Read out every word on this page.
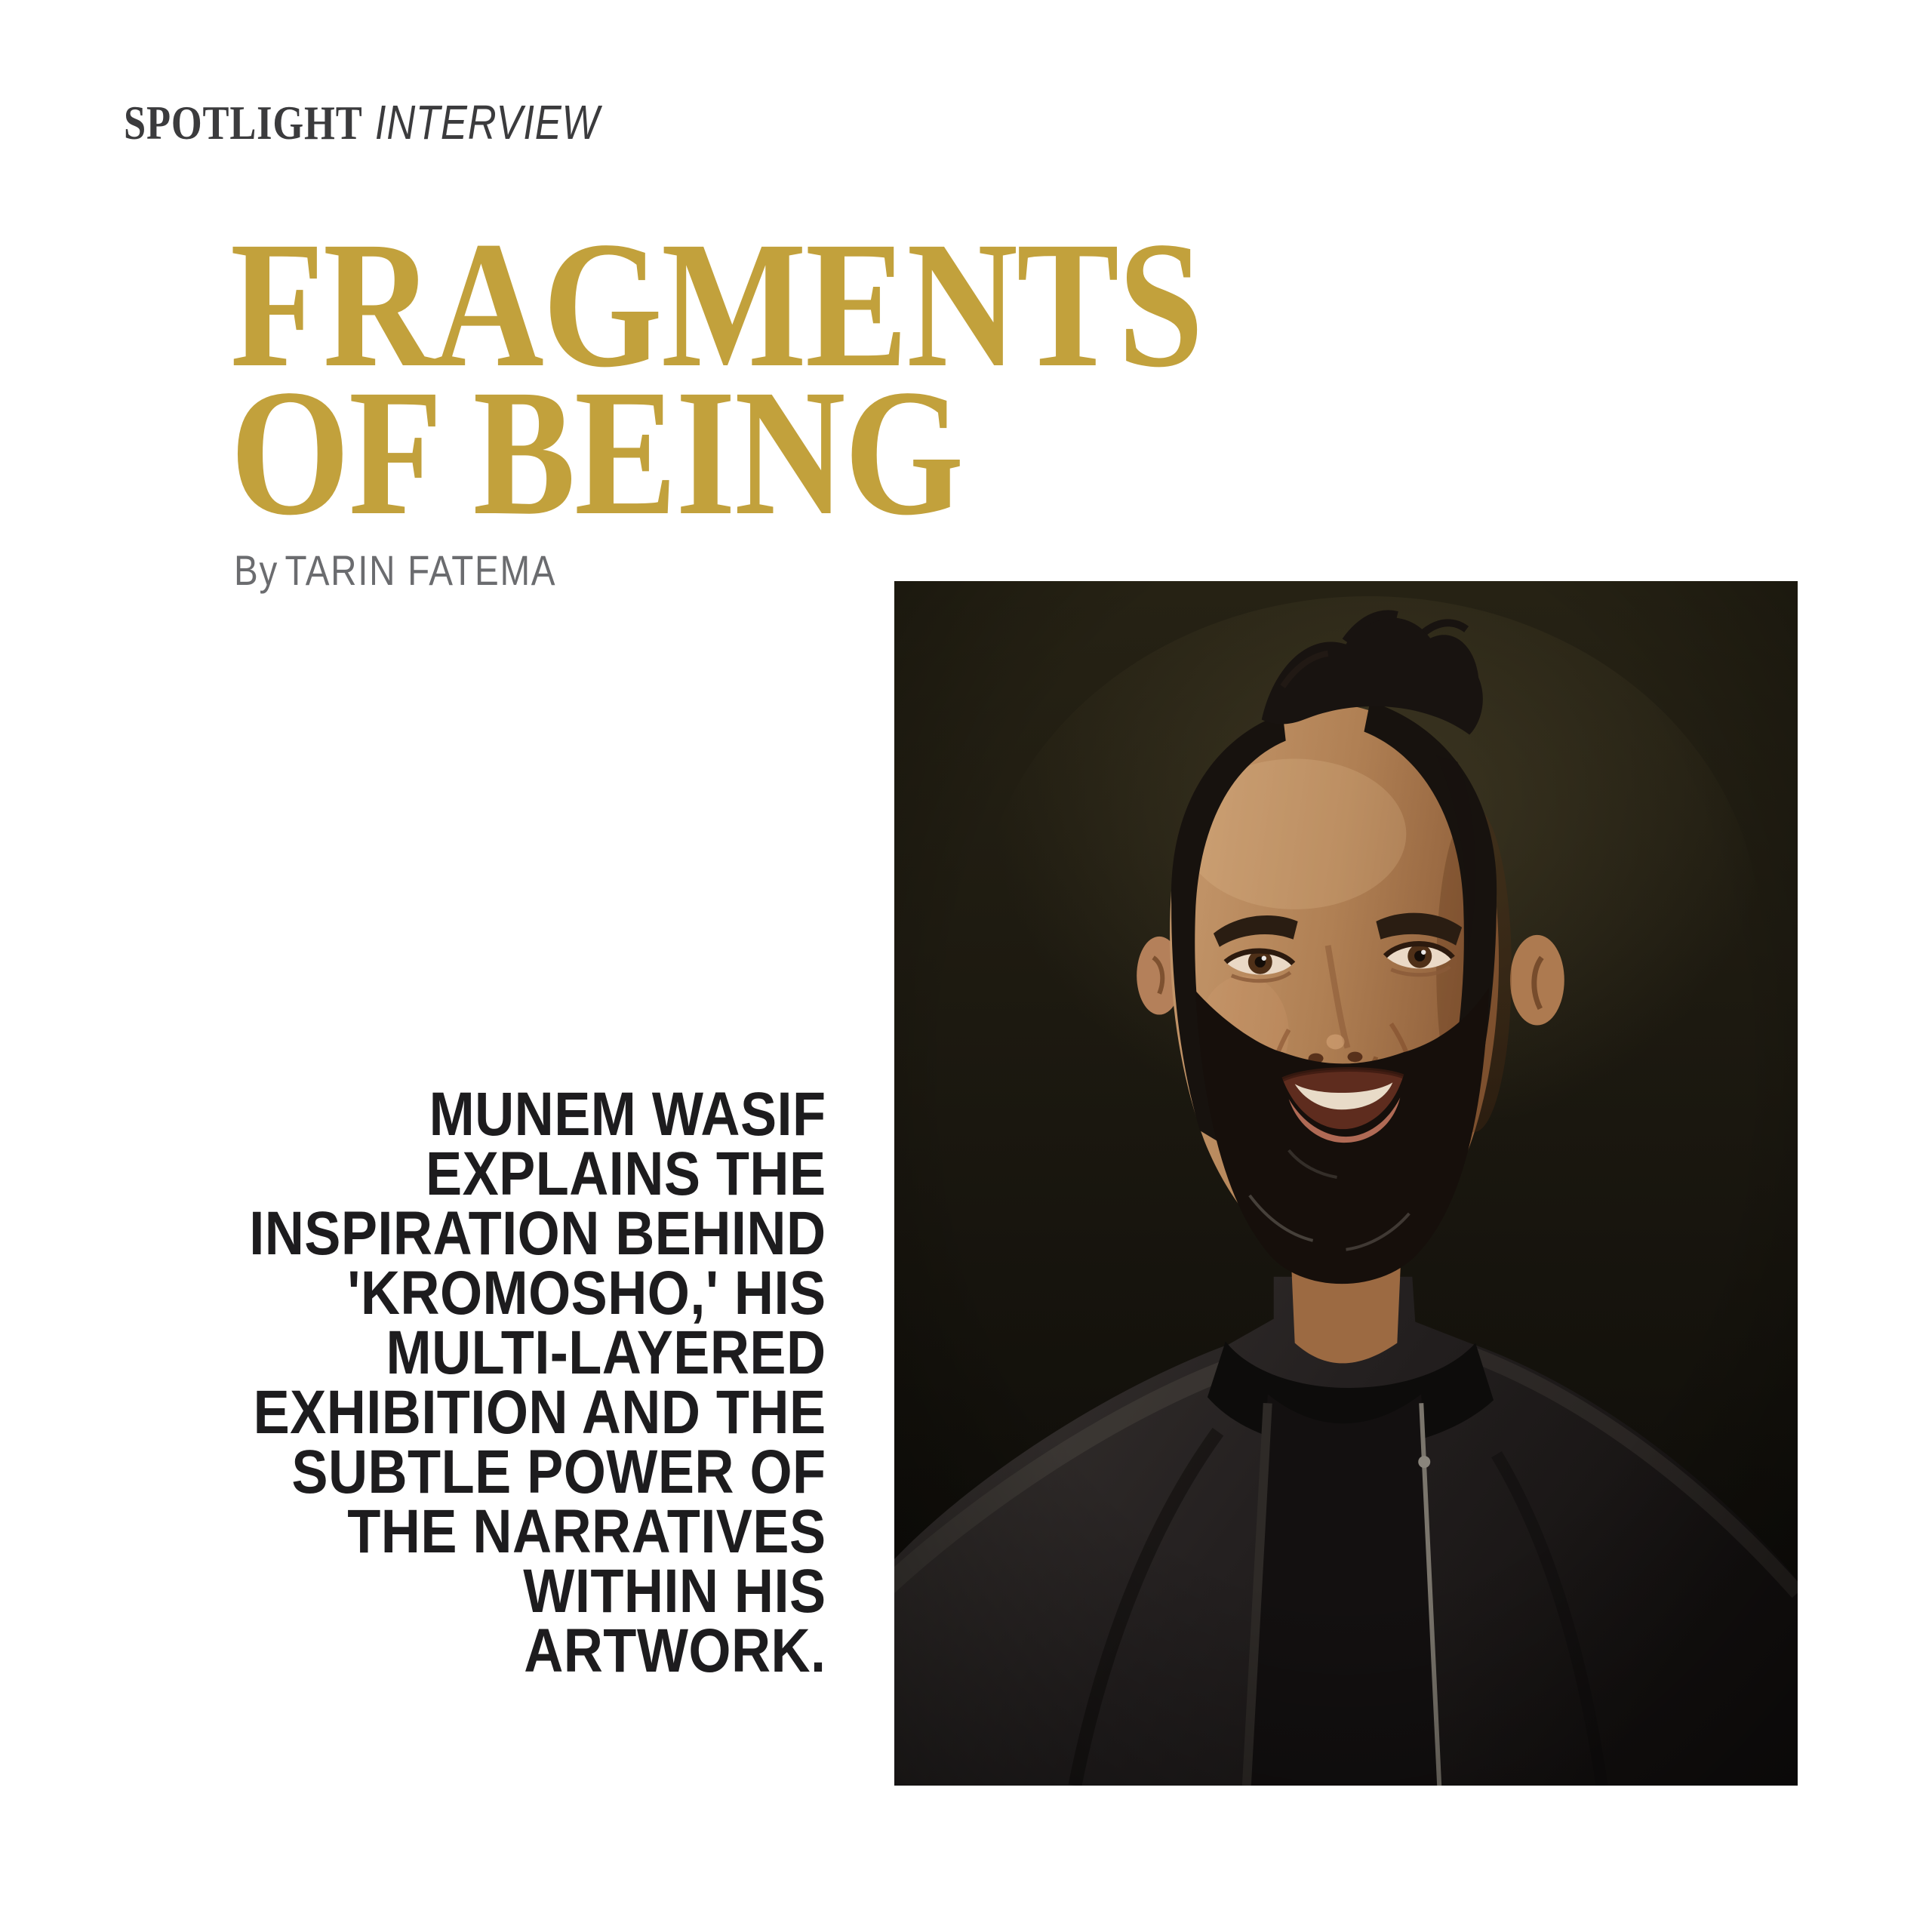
SPOTLIGHT INTERVIEW
FRAGMENTS
OF BEING
By TARIN FATEMA
MUNEM WASIF
EXPLAINS THE
INSPIRATION BEHIND
'KROMOSHO,' HIS
MULTI-LAYERED
EXHIBITION AND THE
SUBTLE POWER OF
THE NARRATIVES
WITHIN HIS
ARTWORK.
